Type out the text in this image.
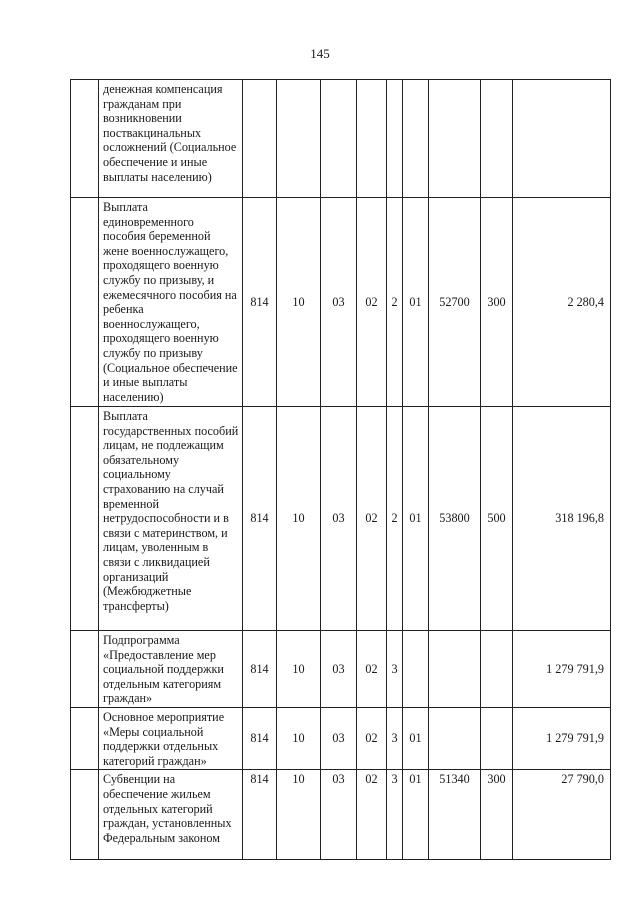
145
	денежная компенсация гражданам при возникновении поствакцинальных осложнений (Социальное обеспечение и иные выплаты населению)									
	Выплата единовременного пособия беременной жене военнослужащего, проходящего военную службу по призыву, и ежемесячного пособия на ребенка военнослужащего, проходящего военную службу по призыву (Социальное обеспечение и иные выплаты населению)	814	10	03	02	2	01	52700	300	2 280,4
	Выплата государственных пособий лицам, не подлежащим обязательному социальному страхованию на случай временной нетрудоспособности и в связи с материнством, и лицам, уволенным в связи с ликвидацией организаций (Межбюджетные трансферты)	814	10	03	02	2	01	53800	500	318 196,8
	Подпрограмма «Предоставление мер социальной поддержки отдельным категориям граждан»	814	10	03	02	3				1 279 791,9
	Основное мероприятие «Меры социальной поддержки отдельных категорий граждан»	814	10	03	02	3	01			1 279 791,9
	Субвенции на обеспечение жильем отдельных категорий граждан, установленных Федеральным законом	814	10	03	02	3	01	51340	300	27 790,0
